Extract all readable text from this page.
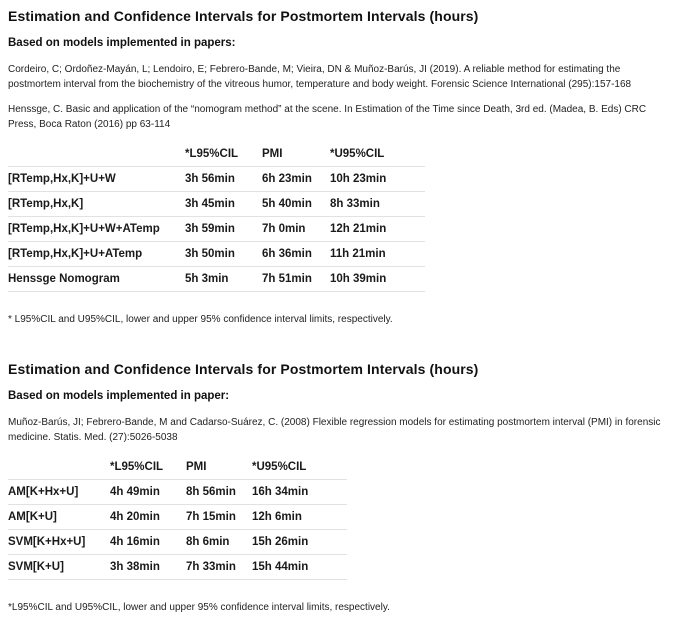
Estimation and Confidence Intervals for Postmortem Intervals (hours)
Based on models implemented in papers:

Cordeiro, C; Ordoñez-Mayán, L; Lendoiro, E; Febrero-Bande, M; Vieira, DN & Muñoz-Barús, JI (2019). A reliable method for estimating the postmortem interval from the biochemistry of the vitreous humor, temperature and body weight. Forensic Science International (295):157-168

Henssge, C. Basic and application of the “nomogram method” at the scene. In Estimation of the Time since Death, 3rd ed. (Madea, B. Eds) CRC Press, Boca Raton (2016) pp 63-114

	*L95%CIL	PMI	*U95%CIL
[RTemp,Hx,K]+U+W	3h 56min	6h 23min	10h 23min
[RTemp,Hx,K]	3h 45min	5h 40min	8h 33min
[RTemp,Hx,K]+U+W+ATemp	3h 59min	7h 0min	12h 21min
[RTemp,Hx,K]+U+ATemp	3h 50min	6h 36min	11h 21min
Henssge Nomogram	5h 3min	7h 51min	10h 39min

* L95%CIL and U95%CIL, lower and upper 95% confidence interval limits, respectively.

Estimation and Confidence Intervals for Postmortem Intervals (hours)
Based on models implemented in paper:

Muñoz-Barús, JI; Febrero-Bande, M and Cadarso-Suárez, C. (2008) Flexible regression models for estimating postmortem interval (PMI) in forensic medicine. Statis. Med. (27):5026-5038

	*L95%CIL	PMI	*U95%CIL
AM[K+Hx+U]	4h 49min	8h 56min	16h 34min
AM[K+U]	4h 20min	7h 15min	12h 6min
SVM[K+Hx+U]	4h 16min	8h 6min	15h 26min
SVM[K+U]	3h 38min	7h 33min	15h 44min

*L95%CIL and U95%CIL, lower and upper 95% confidence interval limits, respectively.
